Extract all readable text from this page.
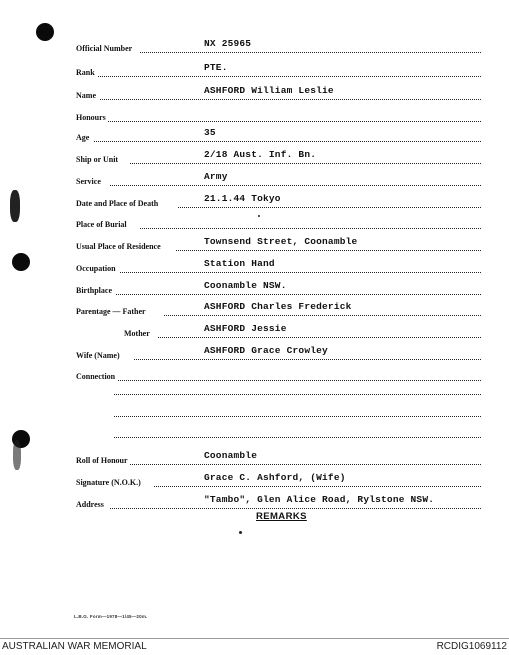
Official Number	NX 25965
Rank	PTE.
Name	ASHFORD William Leslie
Honours
Age	35
Ship or Unit	2/18 Aust. Inf. Bn.
Service	Army
Date and Place of Death	21.1.44 Tokyo
Place of Burial
Usual Place of Residence	Townsend Street, Coonamble
Occupation	Station Hand
Birthplace	Coonamble NSW.
Parentage — Father	ASHFORD Charles Frederick
Mother	ASHFORD Jessie
Wife (Name)	ASHFORD Grace Crowley
Connection
Roll of Honour	Coonamble
Signature (N.O.K.)	Grace C. Ashford, (Wife)
Address	"Tambo", Glen Alice Road, Rylstone NSW.
REMARKS
L.B.G. Form—1978—1/45—20m.
AUSTRALIAN WAR MEMORIAL	RCDIG1069112
